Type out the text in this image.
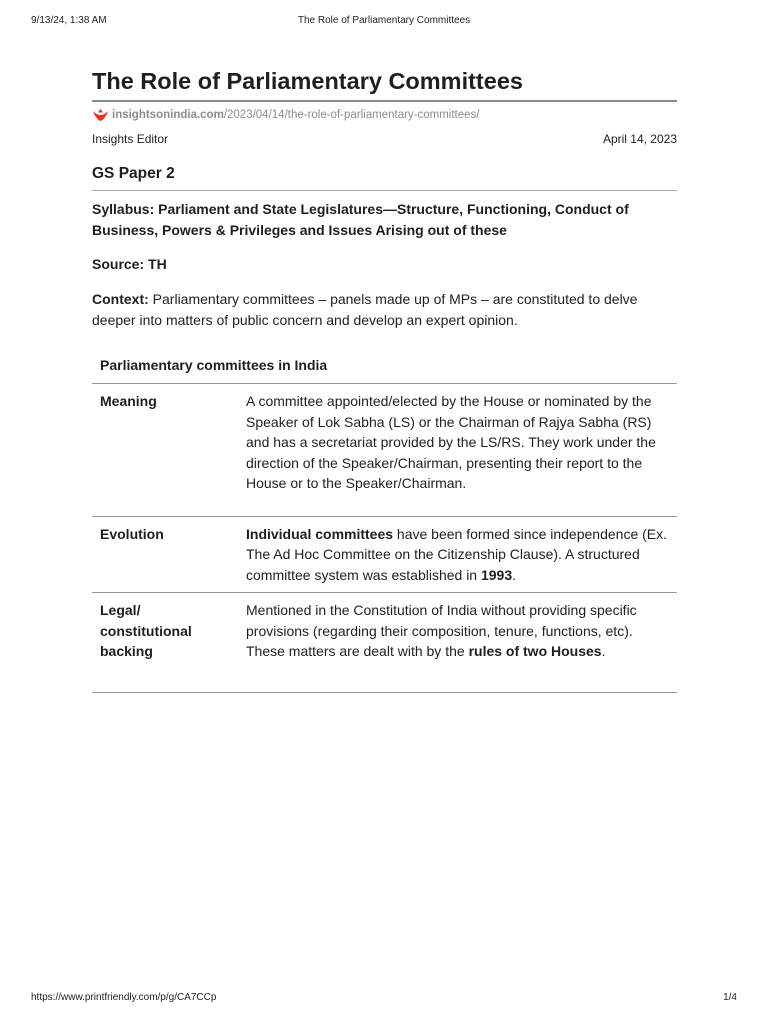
9/13/24, 1:38 AM	The Role of Parliamentary Committees
The Role of Parliamentary Committees
insightsonindia.com /2023/04/14/the-role-of-parliamentary-committees/
Insights Editor	April 14, 2023
GS Paper 2
Syllabus: Parliament and State Legislatures—Structure, Functioning, Conduct of Business, Powers & Privileges and Issues Arising out of these
Source: TH
Context: Parliamentary committees – panels made up of MPs – are constituted to delve deeper into matters of public concern and develop an expert opinion.
Parliamentary committees in India	
Meaning	A committee appointed/elected by the House or nominated by the Speaker of Lok Sabha (LS) or the Chairman of Rajya Sabha (RS) and has a secretariat provided by the LS/RS. They work under the direction of the Speaker/Chairman, presenting their report to the House or to the Speaker/Chairman.
Evolution	Individual committees have been formed since independence (Ex. The Ad Hoc Committee on the Citizenship Clause). A structured committee system was established in 1993.
Legal/ constitutional backing	Mentioned in the Constitution of India without providing specific provisions (regarding their composition, tenure, functions, etc).
These matters are dealt with by the rules of two Houses.
https://www.printfriendly.com/p/g/CA7CCp	1/4
